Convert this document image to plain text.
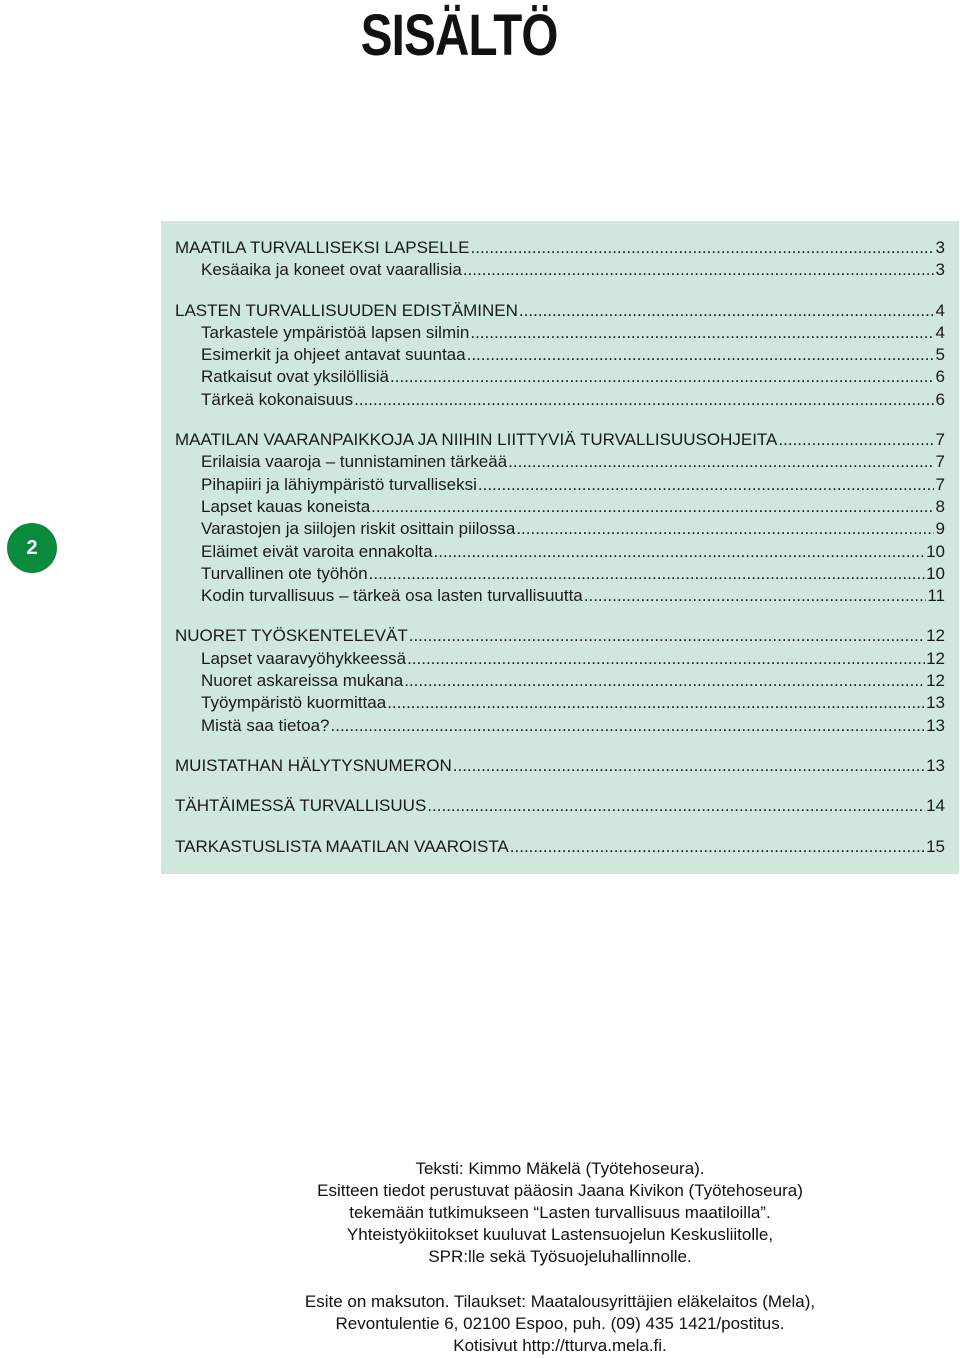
SISÄLTÖ
2
MAATILA TURVALLISEKSI LAPSELLE .....	3
Kesäaika ja koneet ovat vaarallisia .....	3
LASTEN TURVALLISUUDEN EDISTÄMINEN .....	4
Tarkastele ympäristöä lapsen silmin .....	4
Esimerkit ja ohjeet antavat suuntaa .....	5
Ratkaisut ovat yksilöllisiä .....	6
Tärkeä kokonaisuus .....	6
MAATILAN VAARANPAIKKOJA JA NIIHIN LIITTYVIÄ TURVALLISUUSOHJEITA .....	7
Erilaisia vaaroja – tunnistaminen tärkeää .....	7
Pihapiiri ja lähiympäristö turvalliseksi .....	7
Lapset kauas koneista .....	8
Varastojen ja siilojen riskit osittain piilossa .....	9
Eläimet eivät varoita ennakolta .....	10
Turvallinen ote työhön .....	10
Kodin turvallisuus – tärkeä osa lasten turvallisuutta .....	11
NUORET TYÖSKENTELEVÄT .....	12
Lapset vaaravyöhykkeessä .....	12
Nuoret askareissa mukana .....	12
Työympäristö kuormittaa .....	13
Mistä saa tietoa? .....	13
MUISTATHAN HÄLYTYSNUMERON .....	13
TÄHTÄIMESSÄ TURVALLISUUS .....	14
TARKASTUSLISTA MAATILAN VAAROISTA .....	15
Teksti: Kimmo Mäkelä (Työtehoseura).
Esitteen tiedot perustuvat pääosin Jaana Kivikon (Työtehoseura)
tekemään tutkimukseen “Lasten turvallisuus maatiloilla”.
Yhteistyökiitokset kuuluvat Lastensuojelun Keskusliitolle,
SPR:lle sekä Työsuojeluhallinnolle.
Esite on maksuton. Tilaukset: Maatalousyrittäjien eläkelaitos (Mela),
Revontulentie 6, 02100 Espoo, puh. (09) 435 1421/postitus.
Kotisivut http://tturva.mela.fi.
